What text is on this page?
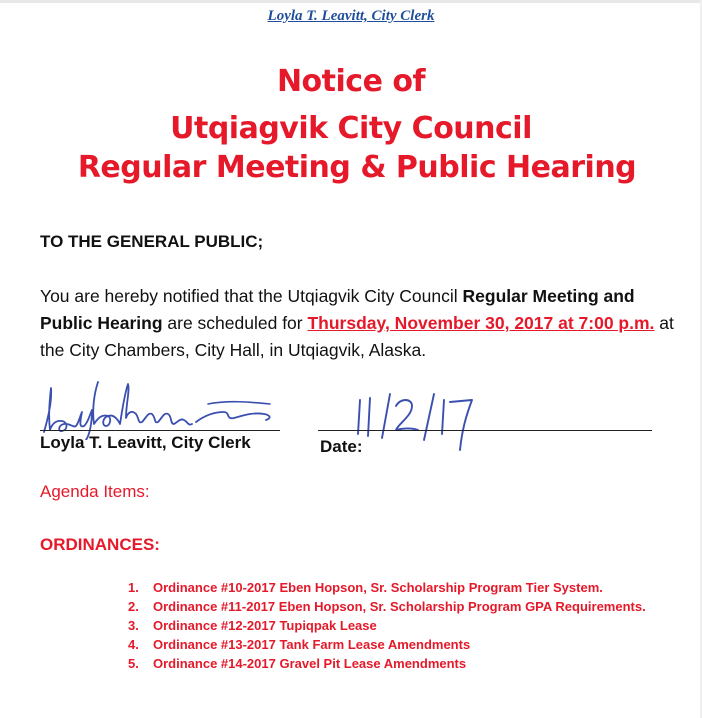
Loyla T. Leavitt, City Clerk
Notice of
Utqiagvik City Council
Regular Meeting & Public Hearing
TO THE GENERAL PUBLIC;
You are hereby notified that the Utqiagvik City Council Regular Meeting and Public Hearing are scheduled for Thursday, November 30, 2017 at 7:00 p.m. at the City Chambers, City Hall, in Utqiagvik, Alaska.
Loyla T. Leavitt, City Clerk	Date:
Agenda Items:
ORDINANCES:
1.	Ordinance #10-2017 Eben Hopson, Sr. Scholarship Program Tier System.
2.	Ordinance #11-2017 Eben Hopson, Sr. Scholarship Program GPA Requirements.
3.	Ordinance #12-2017 Tupiqpak Lease
4.	Ordinance #13-2017 Tank Farm Lease Amendments
5.	Ordinance #14-2017 Gravel Pit Lease Amendments
